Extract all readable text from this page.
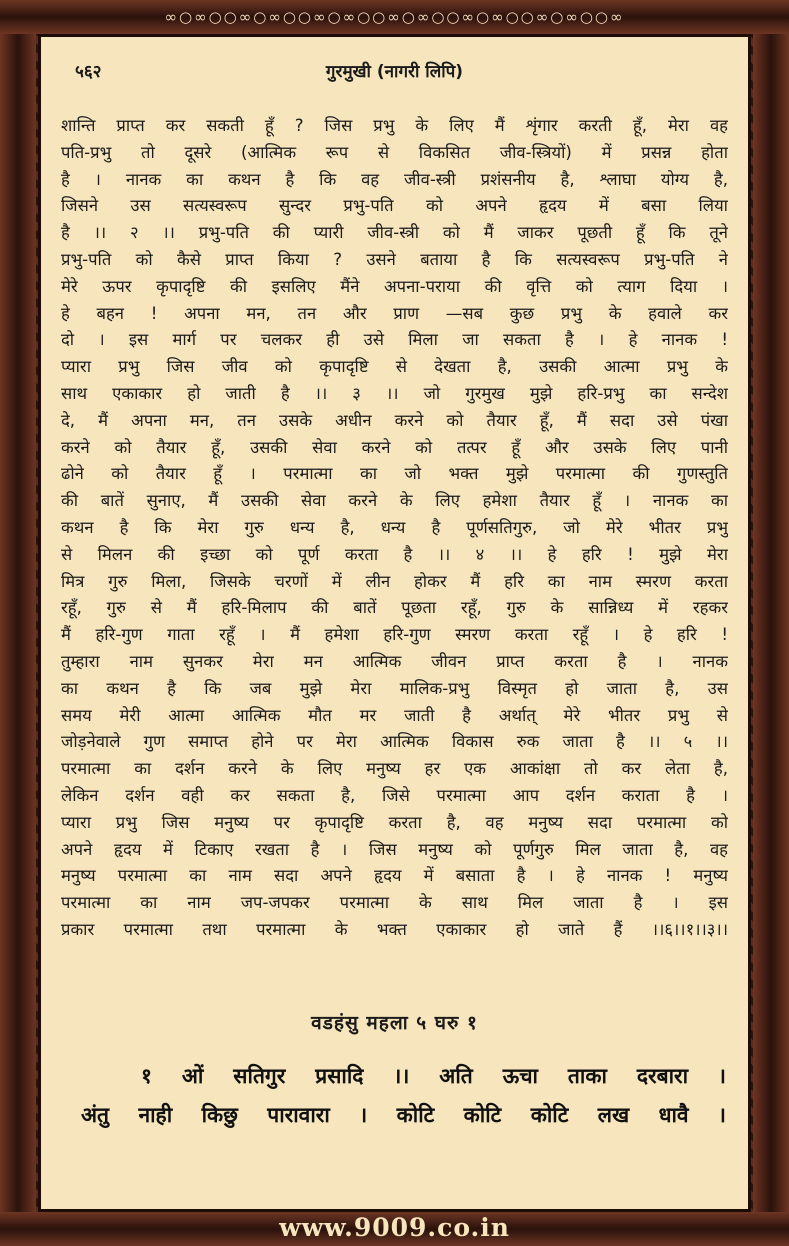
∞○∞○○∞○∞○○∞○∞○○∞○∞○○∞○∞○○∞○∞○○∞
५६२	गुरमुखी (नागरी लिपि)
शान्ति प्राप्त कर सकती हूँ ? जिस प्रभु के लिए मैं शृंगार करती हूँ, मेरा वह
पति-प्रभु तो दूसरे (आत्मिक रूप से विकसित जीव-स्त्रियों) में प्रसन्न होता
है । नानक का कथन है कि वह जीव-स्त्री प्रशंसनीय है, श्लाघा योग्य है,
जिसने उस सत्यस्वरूप सुन्दर प्रभु-पति को अपने हृदय में बसा लिया
है ।। २ ।। प्रभु-पति की प्यारी जीव-स्त्री को मैं जाकर पूछती हूँ कि तूने
प्रभु-पति को कैसे प्राप्त किया ? उसने बताया है कि सत्यस्वरूप प्रभु-पति ने
मेरे ऊपर कृपादृष्टि की इसलिए मैंने अपना-पराया की वृत्ति को त्याग दिया ।
हे बहन ! अपना मन, तन और प्राण —सब कुछ प्रभु के हवाले कर
दो । इस मार्ग पर चलकर ही उसे मिला जा सकता है । हे नानक !
प्यारा प्रभु जिस जीव को कृपादृष्टि से देखता है, उसकी आत्मा प्रभु के
साथ एकाकार हो जाती है ।। ३ ।। जो गुरमुख मुझे हरि-प्रभु का सन्देश
दे, मैं अपना मन, तन उसके अधीन करने को तैयार हूँ, मैं सदा उसे पंखा
करने को तैयार हूँ, उसकी सेवा करने को तत्पर हूँ और उसके लिए पानी
ढोने को तैयार हूँ । परमात्मा का जो भक्त मुझे परमात्मा की गुणस्तुति
की बातें सुनाए, मैं उसकी सेवा करने के लिए हमेशा तैयार हूँ । नानक का
कथन है कि मेरा गुरु धन्य है, धन्य है पूर्णसतिगुरु, जो मेरे भीतर प्रभु
से मिलन की इच्छा को पूर्ण करता है ।। ४ ।। हे हरि ! मुझे मेरा
मित्र गुरु मिला, जिसके चरणों में लीन होकर मैं हरि का नाम स्मरण करता
रहूँ, गुरु से मैं हरि-मिलाप की बातें पूछता रहूँ, गुरु के सान्निध्य में रहकर
मैं हरि-गुण गाता रहूँ । मैं हमेशा हरि-गुण स्मरण करता रहूँ । हे हरि !
तुम्हारा नाम सुनकर मेरा मन आत्मिक जीवन प्राप्त करता है । नानक
का कथन है कि जब मुझे मेरा मालिक-प्रभु विस्मृत हो जाता है, उस
समय मेरी आत्मा आत्मिक मौत मर जाती है अर्थात् मेरे भीतर प्रभु से
जोड़नेवाले गुण समाप्त होने पर मेरा आत्मिक विकास रुक जाता है ।। ५ ।।
परमात्मा का दर्शन करने के लिए मनुष्य हर एक आकांक्षा तो कर लेता है,
लेकिन दर्शन वही कर सकता है, जिसे परमात्मा आप दर्शन कराता है ।
प्यारा प्रभु जिस मनुष्य पर कृपादृष्टि करता है, वह मनुष्य सदा परमात्मा को
अपने हृदय में टिकाए रखता है । जिस मनुष्य को पूर्णगुरु मिल जाता है, वह
मनुष्य परमात्मा का नाम सदा अपने हृदय में बसाता है । हे नानक ! मनुष्य
परमात्मा का नाम जप-जपकर परमात्मा के साथ मिल जाता है । इस
प्रकार परमात्मा तथा परमात्मा के भक्त एकाकार हो जाते हैं ।।६।।१।।३।।
वडहंसु महला ५ घरु १
१ ओं सतिगुर प्रसादि ।। अति ऊचा ताका दरबारा ।
अंतु नाही किछु पारावारा । कोटि कोटि कोटि लख धावै ।
www.9009.co.in
